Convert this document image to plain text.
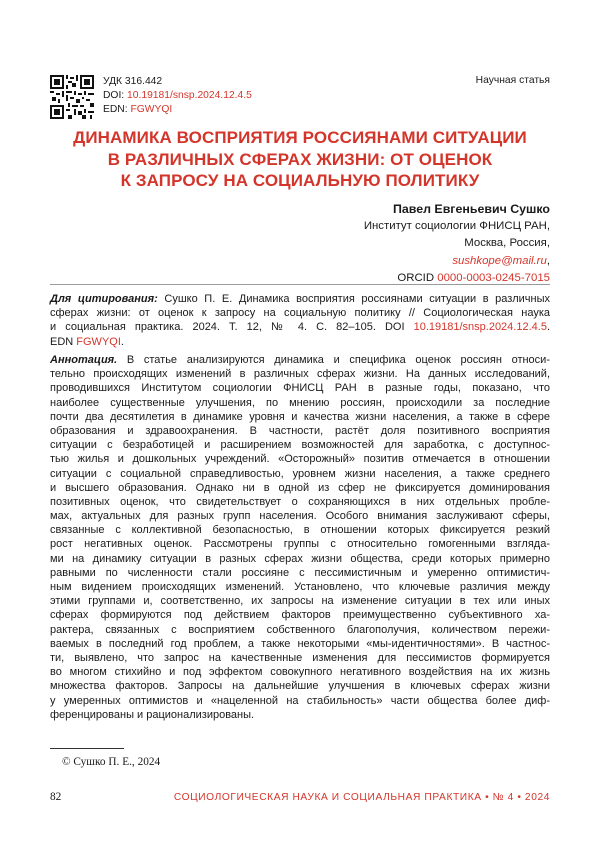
УДК 316.442
DOI: 10.19181/snsp.2024.12.4.5
EDN: FGWYQI
Научная статья
ДИНАМИКА ВОСПРИЯТИЯ РОССИЯНАМИ СИТУАЦИИ
В РАЗЛИЧНЫХ СФЕРАХ ЖИЗНИ: ОТ ОЦЕНОК
К ЗАПРОСУ НА СОЦИАЛЬНУЮ ПОЛИТИКУ
Павел Евгеньевич Сушко
Институт социологии ФНИСЦ РАН,
Москва, Россия,
sushkope@mail.ru,
ORCID 0000-0003-0245-7015
Для цитирования: Сушко П. Е. Динамика восприятия россиянами ситуации в различных
сферах жизни: от оценок к запросу на социальную политику // Социологическая наука
и социальная практика. 2024. Т. 12, № 4. С. 82–105. DOI 10.19181/snsp.2024.12.4.5.
EDN FGWYQI.
Аннотация. В статье анализируются динамика и специфика оценок россиян относи-
тельно происходящих изменений в различных сферах жизни. На данных исследований,
проводившихся Институтом социологии ФНИСЦ РАН в разные годы, показано, что
наиболее существенные улучшения, по мнению россиян, происходили за последние
почти два десятилетия в динамике уровня и качества жизни населения, а также в сфере
образования и здравоохранения. В частности, растёт доля позитивного восприятия
ситуации с безработицей и расширением возможностей для заработка, с доступнос-
тью жилья и дошкольных учреждений. «Осторожный» позитив отмечается в отношении
ситуации с социальной справедливостью, уровнем жизни населения, а также среднего
и высшего образования. Однако ни в одной из сфер не фиксируется доминирования
позитивных оценок, что свидетельствует о сохраняющихся в них отдельных пробле-
мах, актуальных для разных групп населения. Особого внимания заслуживают сферы,
связанные с коллективной безопасностью, в отношении которых фиксируется резкий
рост негативных оценок. Рассмотрены группы с относительно гомогенными взгляда-
ми на динамику ситуации в разных сферах жизни общества, среди которых примерно
равными по численности стали россияне с пессимистичным и умеренно оптимистич-
ным видением происходящих изменений. Установлено, что ключевые различия между
этими группами и, соответственно, их запросы на изменение ситуации в тех или иных
сферах формируются под действием факторов преимущественно субъективного ха-
рактера, связанных с восприятием собственного благополучия, количеством пережи-
ваемых в последний год проблем, а также некоторыми «мы-идентичностями». В частнос-
ти, выявлено, что запрос на качественные изменения для пессимистов формируется
во многом стихийно и под эффектом совокупного негативного воздействия на их жизнь
множества факторов. Запросы на дальнейшие улучшения в ключевых сферах жизни
у умеренных оптимистов и «нацеленной на стабильность» части общества более диф-
ференцированы и рационализированы.
© Сушко П. Е., 2024
82	СОЦИОЛОГИЧЕСКАЯ НАУКА И СОЦИАЛЬНАЯ ПРАКТИКА • № 4 • 2024
